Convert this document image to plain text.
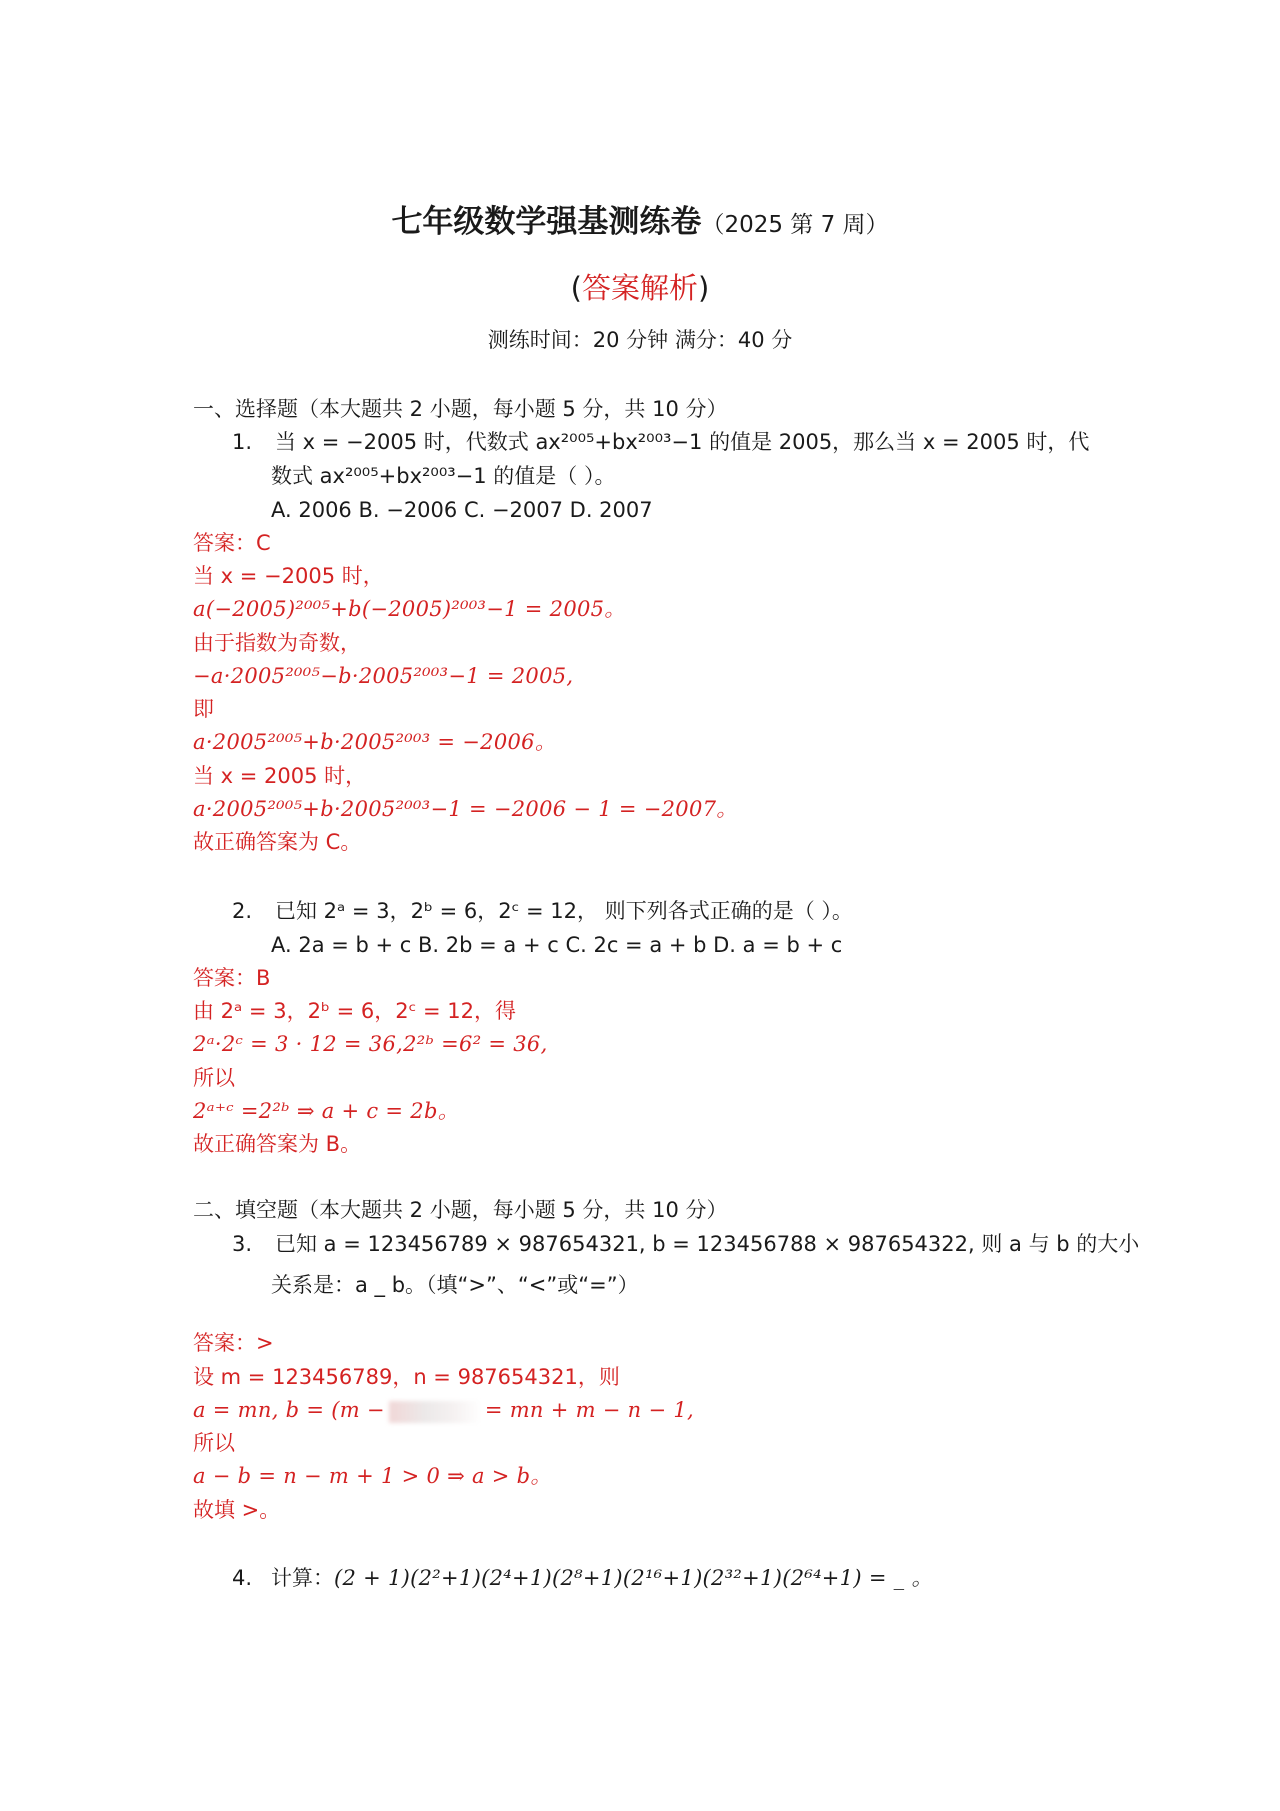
七年级数学强基测练卷（2025 第 7 周）
(答案解析)
测练时间：20 分钟 满分：40 分
一、选择题（本大题共 2 小题，每小题 5 分，共 10 分）
1. 当 x = −2005 时，代数式 ax²⁰⁰⁵+bx²⁰⁰³−1 的值是 2005，那么当 x = 2005 时，代
数式 ax²⁰⁰⁵+bx²⁰⁰³−1 的值是（ ）。
A. 2006 B. −2006 C. −2007 D. 2007
答案：C
当 x = −2005 时，
a(−2005)²⁰⁰⁵+b(−2005)²⁰⁰³−1 = 2005。
由于指数为奇数，
−a·2005²⁰⁰⁵−b·2005²⁰⁰³−1 = 2005,
即
a·2005²⁰⁰⁵+b·2005²⁰⁰³ = −2006。
当 x = 2005 时，
a·2005²⁰⁰⁵+b·2005²⁰⁰³−1 = −2006 − 1 = −2007。
故正确答案为 C。
2. 已知 2ᵃ = 3，2ᵇ = 6，2ᶜ = 12， 则下列各式正确的是（ ）。
A. 2a = b + c B. 2b = a + c C. 2c = a + b D. a = b + c
答案：B
由 2ᵃ = 3，2ᵇ = 6，2ᶜ = 12，得
2ᵃ·2ᶜ = 3 · 12 = 36,2²ᵇ =6² = 36,
所以
2ᵃ⁺ᶜ =2²ᵇ ⇒ a + c = 2b。
故正确答案为 B。
二、填空题（本大题共 2 小题，每小题 5 分，共 10 分）
3. 已知 a = 123456789 × 987654321, b = 123456788 × 987654322, 则 a 与 b 的大小
关系是：a _ b。（填“>”、“<”或“=”）
答案：>
设 m = 123456789，n = 987654321，则
a = mn, b = (m −	= mn + m − n − 1,
所以
a − b = n − m + 1 > 0 ⇒ a > b。
故填 >。
4. 计算：(2 + 1)(2²+1)(2⁴+1)(2⁸+1)(2¹⁶+1)(2³²+1)(2⁶⁴+1) = _ 。
